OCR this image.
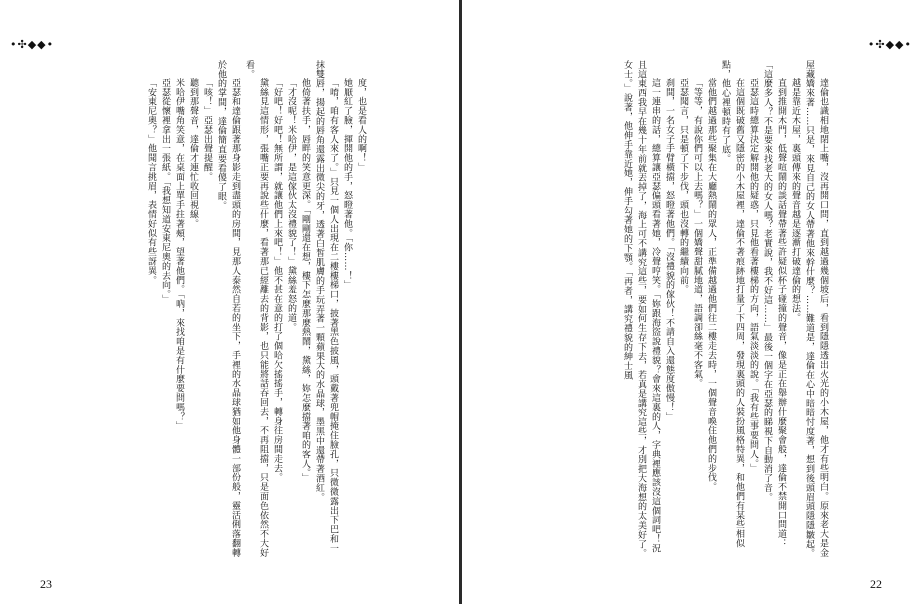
•✣◆◆•

度，也是看人的啊！」

她厭紅了臉，揮開他的手，怒瞪著他。「你……！」

「唷，咱有客人來了。」只見一個人出現在二樓樓梯口，披著黑色披風，頭戴著兜帽掩住臉孔，只微微露出下巴和一抹雙唇，揚起的唇角還露出微尖的牙，透著白皙肌膚的手玩弄著一顆蘋果大的水晶球，墨黑中還帶著酒紅。

他倚著扶手，唇畔的笑意更深。「剛剛還在想，樓下怎麼那麼熱鬧，黛絲，妳怎麼擋著咱的客人。」

「才沒呢！米哈伊，是這傢伙太沒禮貌了！」黛絲羞怒的道。

「好吧！好吧！無所謂，就讓他們上來吧！」他不甚在意的打了個哈欠搖搖手，轉身往房間走去。

黛絲見這情形，張嘴正要再說些什麼，看著那已經離去的背影，也只能將話吞回去，不再阻擋，只是面色依然不大好看。

亞瑟和達倫跟著那身影走到盡頭的房間，見那人泰然自若的坐下，手裡的水晶球猶如他身體一部份般，靈活俐落翻轉於他的掌間，達倫簡直要看傻了眼。

「咳！」亞瑟出聲提醒。

聽到那聲音，達倫才連忙收回視線。

米哈伊嘴角笑意，在桌面上單手拄著頰，望著他們。「吶，來找咱是有什麼要問嗎？」

亞瑟從懷裡拿出一張紙。「我想知道安東尼奧的去向。」

「安東尼奧？」他聞言挑眉，表情好似有些訝異。

23
•✣◆◆•

達倫也識相地閉上嘴，沒再開口問，直到越過幾個坡后，看到隱隱透出火光的小木屋，他才有些明白。原來老大是金屋藏嬌來著……只是，來見自己的女人帶著他來幹什麼？……難道是，達倫在心中暗暗忖度著，想到後頭眉頭隱隱皺起。

越是靠近木屋，裏頭傳來的聲音越是逐漸打破達倫的想法。

直到推開木門，低聲喧鬧的談話聲帶著些許疑似杯子碰撞的聲音，像是正在舉辦什麼聚會般，達倫不禁開口問道：「這麼多人？不是要來找老大的女人嗎？老實說，我不好這……」最後一個字在亞瑟的睇視下自動消了音。

亞瑟這時總算決定解開他的疑惑，只見他看著樓梯的方向，語氣淡淡的說。「我有些事要問人。」

在這個既破舊又隱密的小木屋裡，達倫不著痕跡地打量了下四周，發現裏頭的人裝扮風格特異，和他們有某些相似點，他心裡頓時有了底。

當他們越過那些聚集在大廳熱鬧的眾人，正準備越過他們往二樓走去時，一個聲音喚住他們的步伐。

「等等，有說你們可以上去嗎？」一個嬌聲甜膩地道，語調卻絲毫不客氣。

亞瑟聞言，只是頓了下步伐，頭也沒轉的繼續向前。

刹間，一名女子手臂橫擋，怒瞪著他們。「沒禮貌的傢伙！不請自入還態度傲慢！」

這一連串的話，總算讓亞瑟偏頭看著她，冷聲哼笑。「妳跟海盜說禮貌？會來這裏的人，字典裡應該沒這個詞吧！況且這東西我早在幾十年前就丟掉了，海上可不講究這些，要如何生存下去，若真是講究這些，才別把大海想的太美好了。女士。」說著，他伸手靠近她，伸手勾著她的下顎。「再者，講究禮貌的紳士風

22
